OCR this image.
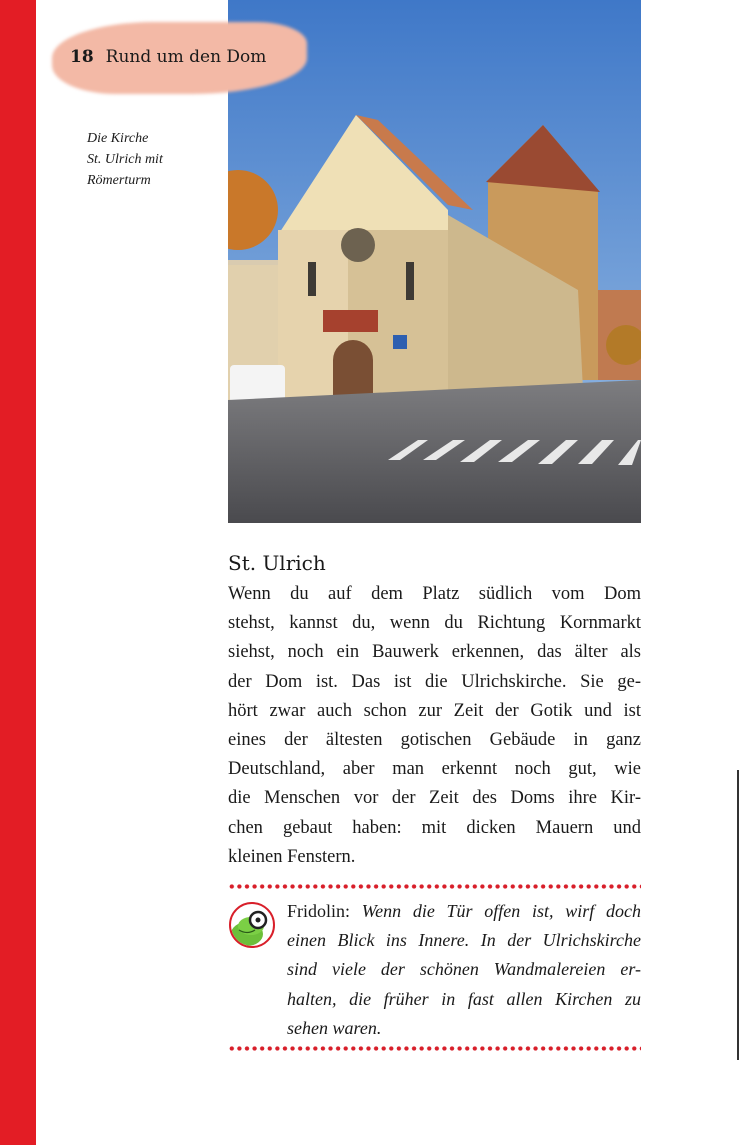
18 Rund um den Dom
Die Kirche
St. Ulrich mit
Römerturm
St. Ulrich
Wenn du auf dem Platz südlich vom Dom
stehst, kannst du, wenn du Richtung Kornmarkt
siehst, noch ein Bauwerk erkennen, das älter als
der Dom ist. Das ist die Ulrichskirche. Sie ge-
hört zwar auch schon zur Zeit der Gotik und ist
eines der ältesten gotischen Gebäude in ganz
Deutschland, aber man erkennt noch gut, wie
die Menschen vor der Zeit des Doms ihre Kir-
chen gebaut haben: mit dicken Mauern und
kleinen Fenstern.
Fridolin: Wenn die Tür offen ist, wirf doch
einen Blick ins Innere. In der Ulrichskirche
sind viele der schönen Wandmalereien er-
halten, die früher in fast allen Kirchen zu
sehen waren.
